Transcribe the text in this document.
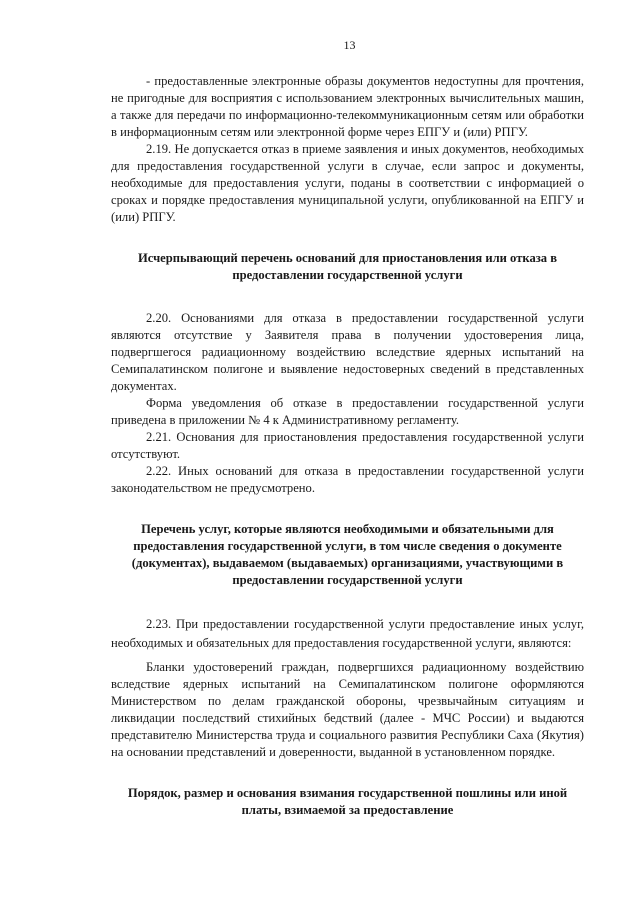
13

- предоставленные электронные образы документов недоступны для прочтения, не пригодные для восприятия с использованием электронных вычислительных машин, а также для передачи по информационно-телекоммуникационным сетям или обработки в информационным сетям или электронной форме через ЕПГУ и (или) РПГУ.

2.19. Не допускается отказ в приеме заявления и иных документов, необходимых для предоставления государственной услуги в случае, если запрос и документы, необходимые для предоставления услуги, поданы в соответствии с информацией о сроках и порядке предоставления муниципальной услуги, опубликованной на ЕПГУ и (или) РПГУ.

Исчерпывающий перечень оснований для приостановления или отказа в предоставлении государственной услуги

2.20. Основаниями для отказа в предоставлении государственной услуги являются отсутствие у Заявителя права в получении удостоверения лица, подвергшегося радиационному воздействию вследствие ядерных испытаний на Семипалатинском полигоне и выявление недостоверных сведений в представленных документах.

Форма уведомления об отказе в предоставлении государственной услуги приведена в приложении № 4 к Административному регламенту.

2.21. Основания для приостановления предоставления государственной услуги отсутствуют.

2.22. Иных оснований для отказа в предоставлении государственной услуги законодательством не предусмотрено.

Перечень услуг, которые являются необходимыми и обязательными для предоставления государственной услуги, в том числе сведения о документе (документах), выдаваемом (выдаваемых) организациями, участвующими в предоставлении государственной услуги

2.23. При предоставлении государственной услуги предоставление иных услуг, необходимых и обязательных для предоставления государственной услуги, являются:

Бланки удостоверений граждан, подвергшихся радиационному воздействию вследствие ядерных испытаний на Семипалатинском полигоне оформляются Министерством по делам гражданской обороны, чрезвычайным ситуациям и ликвидации последствий стихийных бедствий (далее - МЧС России) и выдаются представителю Министерства труда и социального развития Республики Саха (Якутия) на основании представлений и доверенности, выданной в установленном порядке.

Порядок, размер и основания взимания государственной пошлины или иной платы, взимаемой за предоставление
